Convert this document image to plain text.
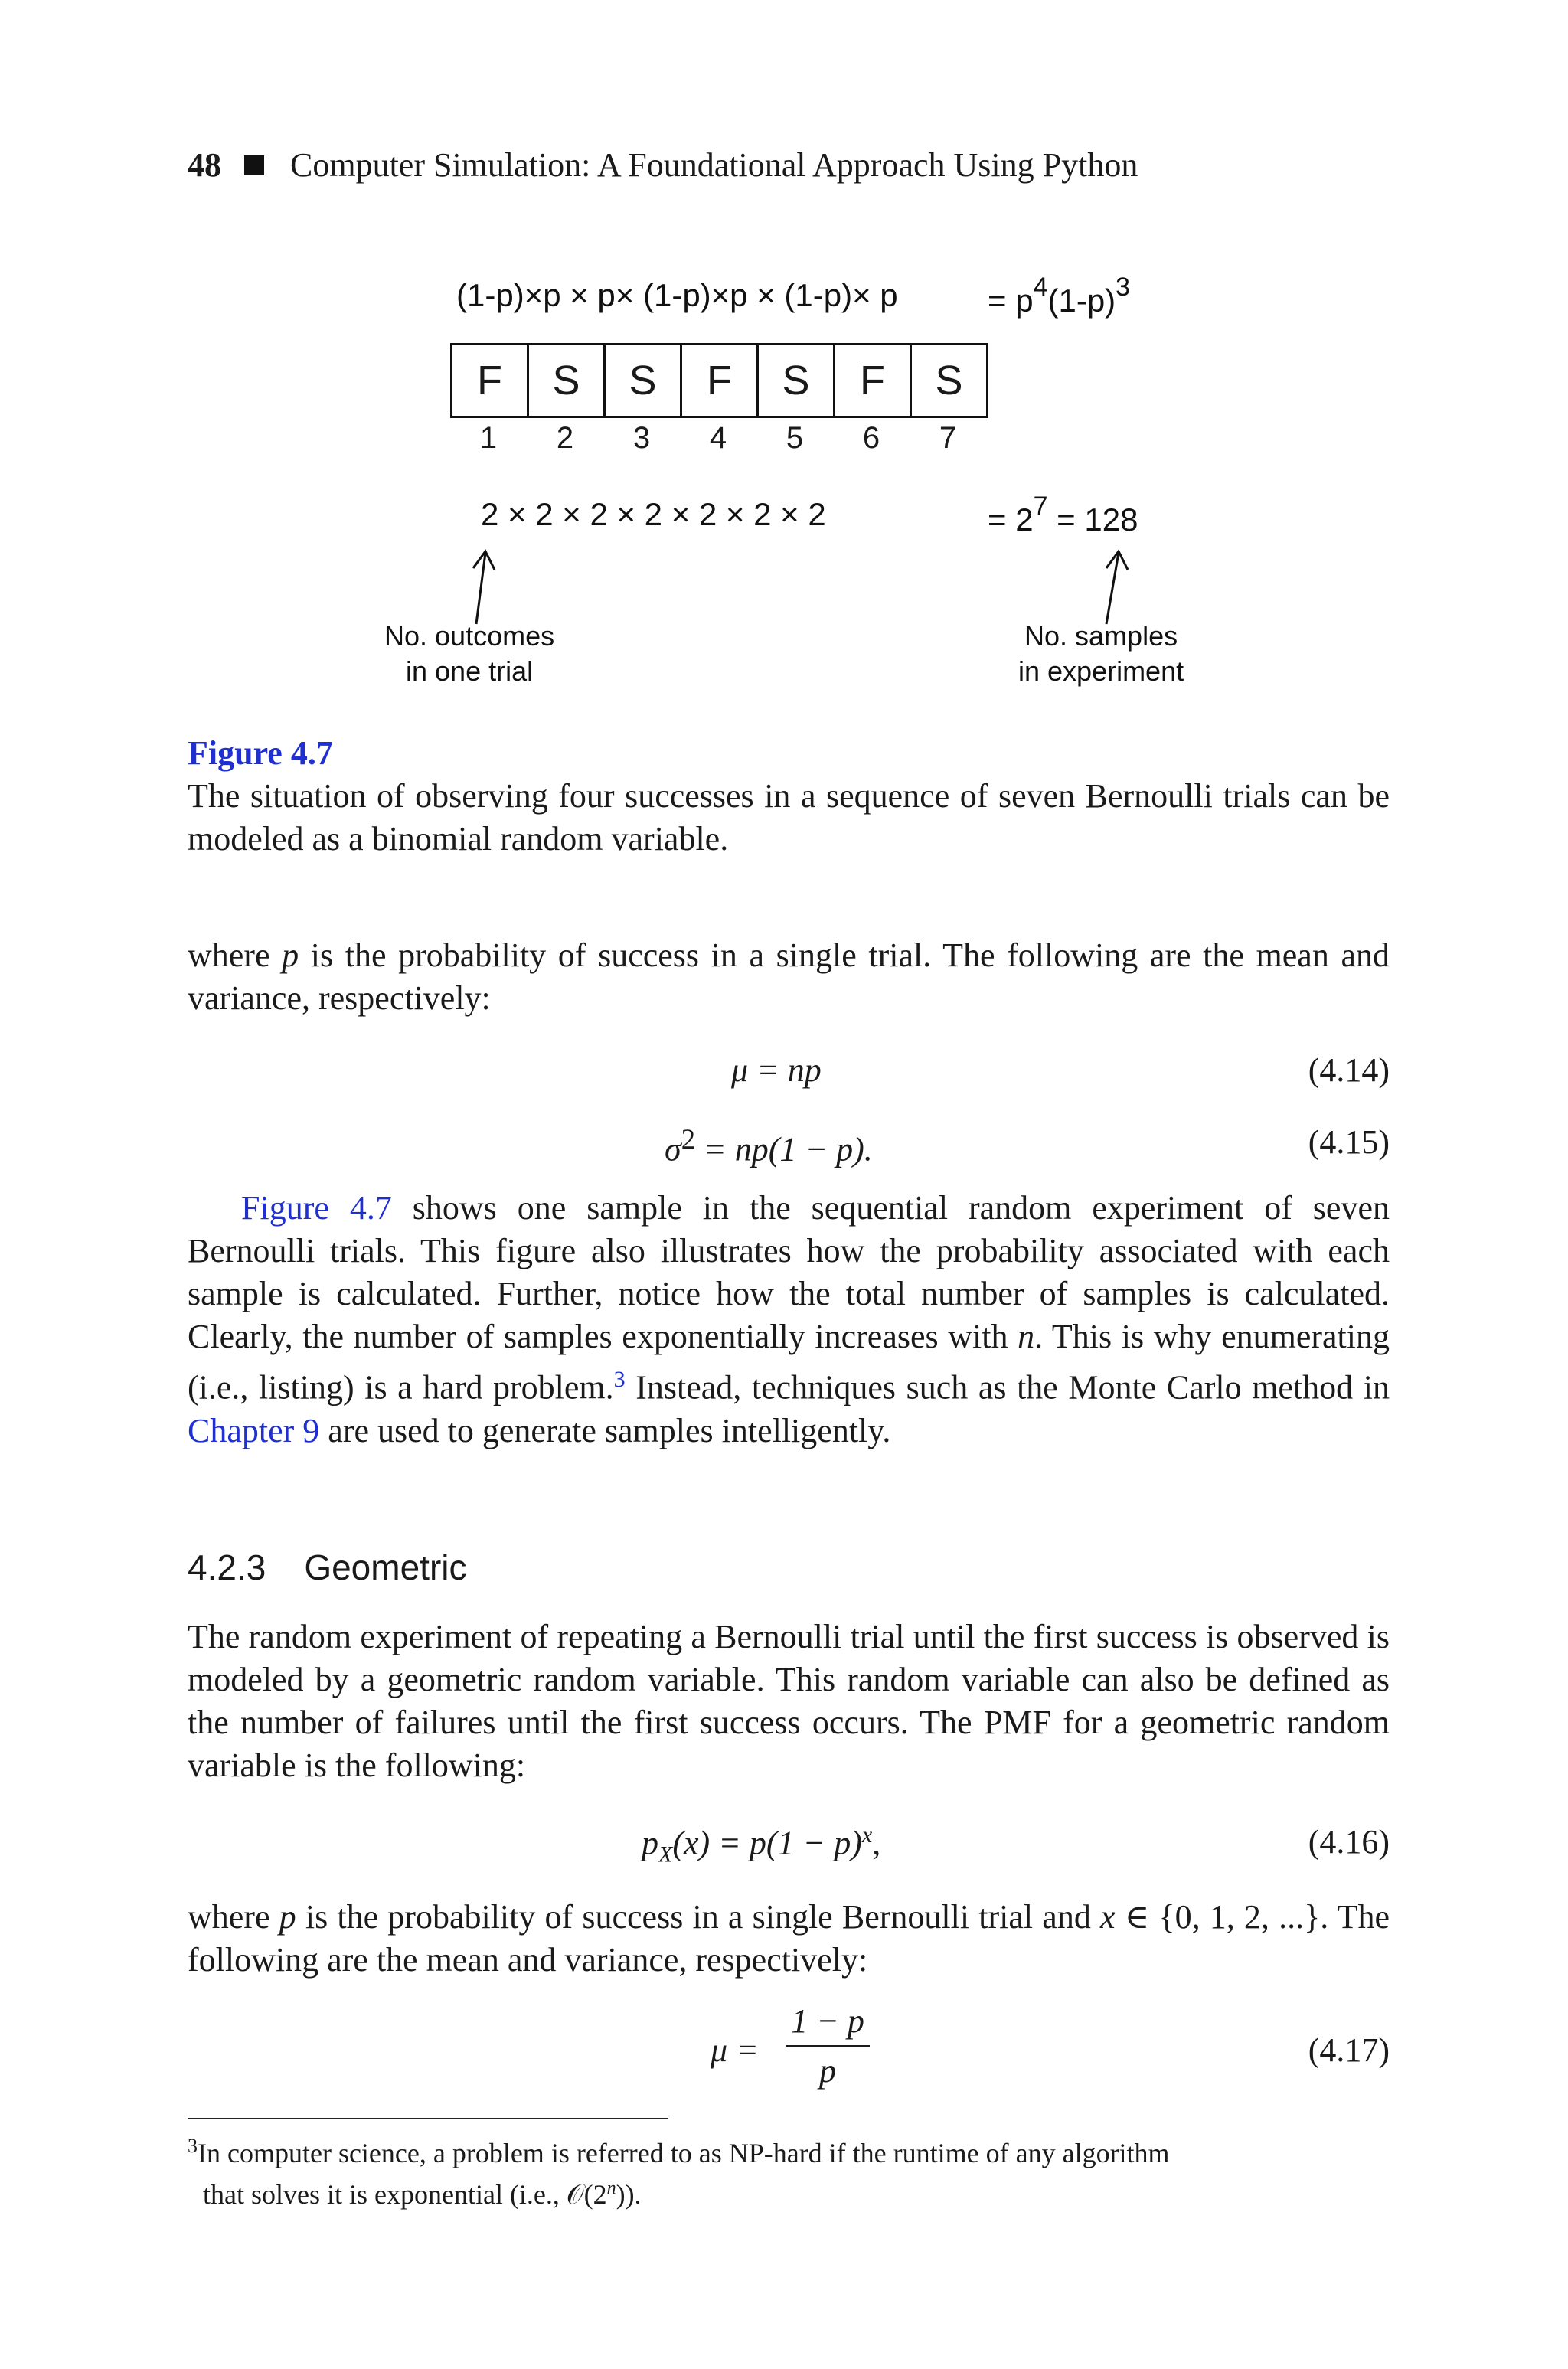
48 Computer Simulation: A Foundational Approach Using Python
(1-p)×p × p× (1-p)×p × (1-p)× p	= $p^4(1-p)^3$
F	S	S	F	S	F	S
1	2	3	4	5	6	7
2 × 2 × 2 × 2 × 2 × 2 × 2	= $2^7 = 128$
No. outcomes
in one trial
No. samples
in experiment
Figure 4.7
The situation of observing four successes in a sequence of seven Bernoulli trials can be modeled as a binomial random variable.
where p is the probability of success in a single trial. The following are the mean and variance, respectively:
μ = np	(4.14)
$\sigma^2 = np(1 - p)$.	(4.15)
Figure 4.7 shows one sample in the sequential random experiment of seven Bernoulli trials. This figure also illustrates how the probability associated with each sample is calculated. Further, notice how the total number of samples is calculated. Clearly, the number of samples exponentially increases with n. This is why enumerating (i.e., listing) is a hard problem.$^3$ Instead, techniques such as the Monte Carlo method in Chapter 9 are used to generate samples intelligently.
4.2.3 Geometric
The random experiment of repeating a Bernoulli trial until the first success is observed is modeled by a geometric random variable. This random variable can also be defined as the number of failures until the first success occurs. The PMF for a geometric random variable is the following:
$p_X(x) = p(1 - p)^x$,	(4.16)
where p is the probability of success in a single Bernoulli trial and x ∈ {0, 1, 2, ...}. The following are the mean and variance, respectively:
μ =
1 − p
p
(4.17)
$^3$In computer science, a problem is referred to as NP-hard if the runtime of any algorithm
that solves it is exponential (i.e., 𝒪(2$^n$)).
